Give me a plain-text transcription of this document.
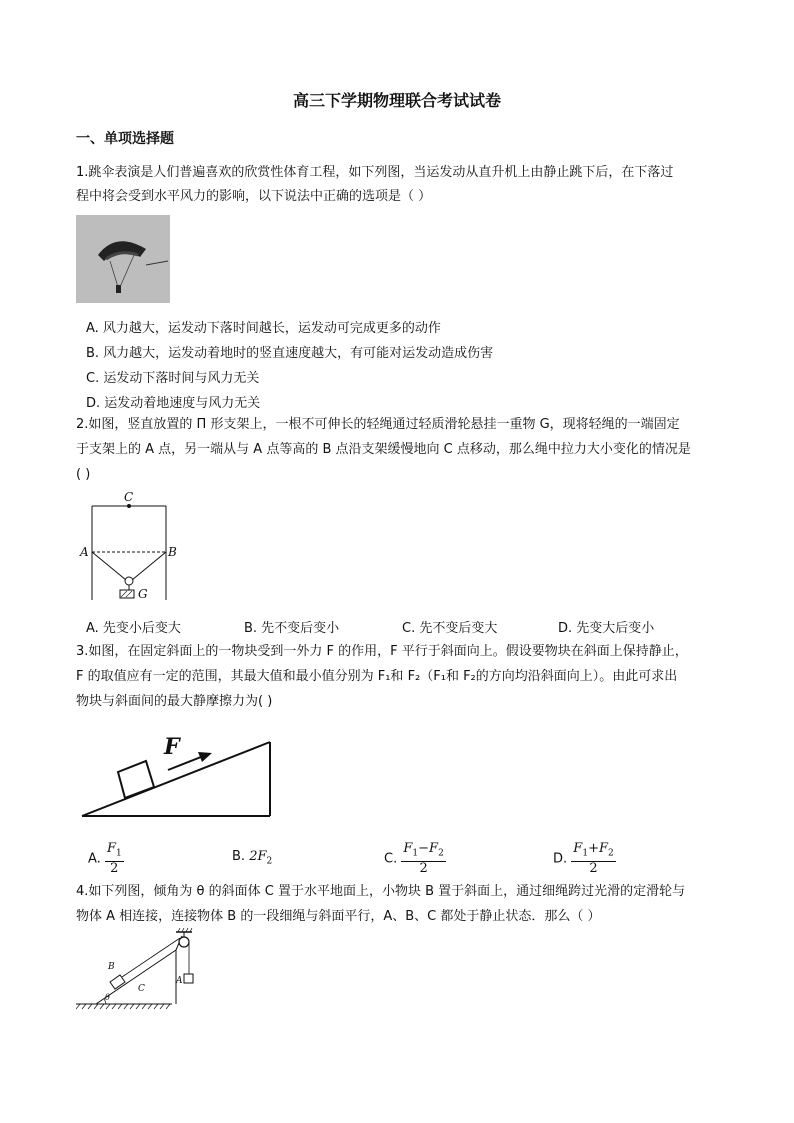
高三下学期物理联合考试试卷
一、单项选择题
1.跳伞表演是人们普遍喜欢的欣赏性体育工程，如下列图，当运发动从直升机上由静止跳下后，在下落过
程中将会受到水平风力的影响，以下说法中正确的选项是（ ）
A. 风力越大，运发动下落时间越长，运发动可完成更多的动作
B. 风力越大，运发动着地时的竖直速度越大，有可能对运发动造成伤害
C. 运发动下落时间与风力无关
D. 运发动着地速度与风力无关
2.如图，竖直放置的 Π 形支架上，一根不可伸长的轻绳通过轻质滑轮悬挂一重物 G，现将轻绳的一端固定
于支架上的 A 点，另一端从与 A 点等高的 B 点沿支架缓慢地向 C 点移动，那么绳中拉力大小变化的情况是
( )
C
A	B
G
A. 先变小后变大	B. 先不变后变小	C. 先不变后变大	D. 先变大后变小
3.如图，在固定斜面上的一物块受到一外力 F 的作用，F 平行于斜面向上。假设要物块在斜面上保持静止，
F 的取值应有一定的范围，其最大值和最小值分别为 F₁和 F₂（F₁和 F₂的方向均沿斜面向上）。由此可求出
物块与斜面间的最大静摩擦力为( )
F
A. $\frac{F_1}{2}$	B. $2F_2$	C. $\frac{F_1-F_2}{2}$	D. $\frac{F_1+F_2}{2}$
4.如下列图，倾角为 θ 的斜面体 C 置于水平地面上，小物块 B 置于斜面上，通过细绳跨过光滑的定滑轮与
物体 A 相连接，连接物体 B 的一段细绳与斜面平行，A、B、C 都处于静止状态．那么（ ）
B
C
A
θ
